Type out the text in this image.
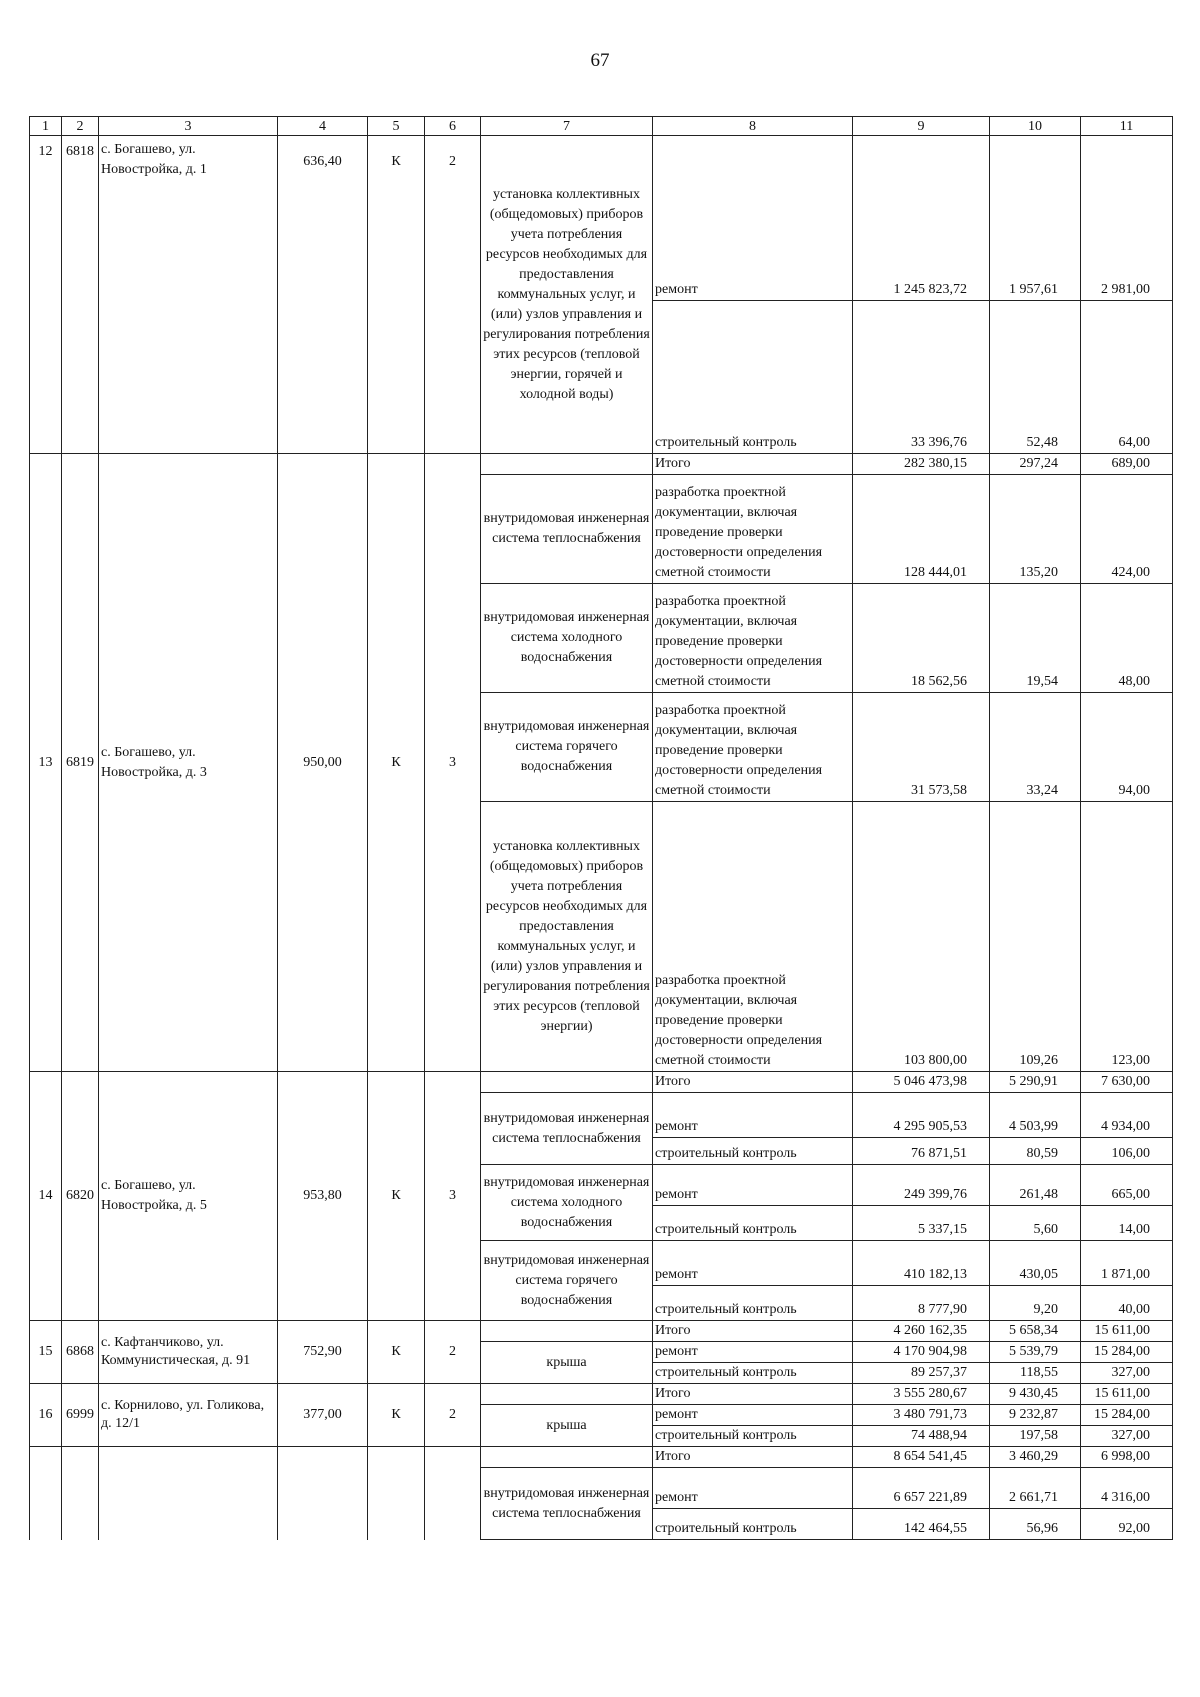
67
1	2	3	4	5	6	7	8	9	10	11
12	6818	с. Богашево, ул. Новостройка, д. 1	636,40	К	2	установка коллективных (общедомовых) приборов учета потребления ресурсов необходимых для предоставления коммунальных услуг, и (или) узлов управления и регулирования потребления этих ресурсов (тепловой энергии, горячей и холодной воды)	ремонт	1 245 823,72	1 957,61	2 981,00
							строительный контроль	33 396,76	52,48	64,00
13	6819	с. Богашево, ул. Новостройка, д. 3	950,00	К	3		Итого	282 380,15	297,24	689,00
						внутридомовая инженерная система теплоснабжения	разработка проектной документации, включая проведение проверки достоверности определения сметной стоимости	128 444,01	135,20	424,00
						внутридомовая инженерная система холодного водоснабжения	разработка проектной документации, включая проведение проверки достоверности определения сметной стоимости	18 562,56	19,54	48,00
						внутридомовая инженерная система горячего водоснабжения	разработка проектной документации, включая проведение проверки достоверности определения сметной стоимости	31 573,58	33,24	94,00
						установка коллективных (общедомовых) приборов учета потребления ресурсов необходимых для предоставления коммунальных услуг, и (или) узлов управления и регулирования потребления этих ресурсов (тепловой энергии)	разработка проектной документации, включая проведение проверки достоверности определения сметной стоимости	103 800,00	109,26	123,00
14	6820	с. Богашево, ул. Новостройка, д. 5	953,80	К	3		Итого	5 046 473,98	5 290,91	7 630,00
						внутридомовая инженерная система теплоснабжения	ремонт	4 295 905,53	4 503,99	4 934,00
							строительный контроль	76 871,51	80,59	106,00
						внутридомовая инженерная система холодного водоснабжения	ремонт	249 399,76	261,48	665,00
							строительный контроль	5 337,15	5,60	14,00
						внутридомовая инженерная система горячего водоснабжения	ремонт	410 182,13	430,05	1 871,00
							строительный контроль	8 777,90	9,20	40,00
15	6868	с. Кафтанчиково, ул. Коммунистическая, д. 91	752,90	К	2		Итого	4 260 162,35	5 658,34	15 611,00
						крыша	ремонт	4 170 904,98	5 539,79	15 284,00
							строительный контроль	89 257,37	118,55	327,00
16	6999	с. Корнилово, ул. Голикова, д. 12/1	377,00	К	2		Итого	3 555 280,67	9 430,45	15 611,00
						крыша	ремонт	3 480 791,73	9 232,87	15 284,00
							строительный контроль	74 488,94	197,58	327,00
							Итого	8 654 541,45	3 460,29	6 998,00
						внутридомовая инженерная система теплоснабжения	ремонт	6 657 221,89	2 661,71	4 316,00
							строительный контроль	142 464,55	56,96	92,00
